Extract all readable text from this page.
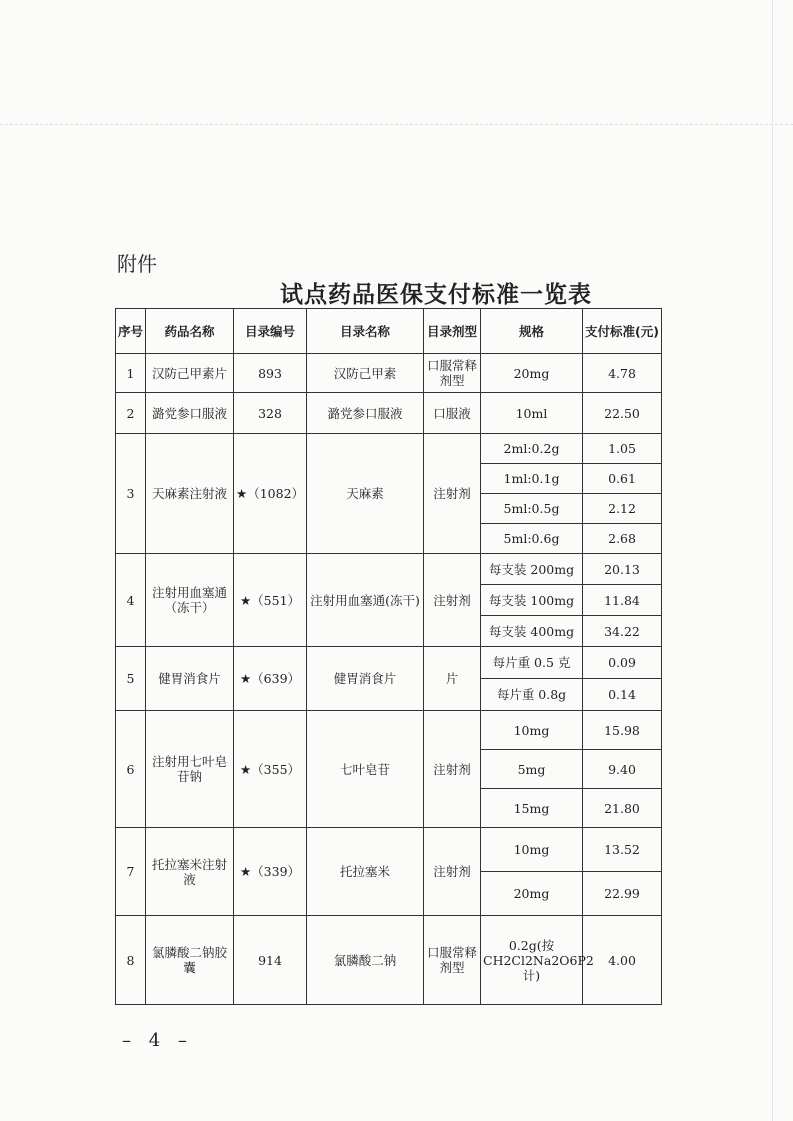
附件
试点药品医保支付标准一览表
序号	药品名称	目录编号	目录名称	目录剂型	规格	支付标准(元)
1	汉防己甲素片	893	汉防己甲素	口服常释剂型	20mg	4.78
2	潞党参口服液	328	潞党参口服液	口服液	10ml	22.50
3	天麻素注射液	★（1082）	天麻素	注射剂	2ml:0.2g	1.05
					1ml:0.1g	0.61
					5ml:0.5g	2.12
					5ml:0.6g	2.68
4	注射用血塞通（冻干）	★（551）	注射用血塞通(冻干)	注射剂	每支装 200mg	20.13
					每支装 100mg	11.84
					每支装 400mg	34.22
5	健胃消食片	★（639）	健胃消食片	片	每片重 0.5 克	0.09
					每片重 0.8g	0.14
6	注射用七叶皂苷钠	★（355）	七叶皂苷	注射剂	10mg	15.98
					5mg	9.40
					15mg	21.80
7	托拉塞米注射液	★（339）	托拉塞米	注射剂	10mg	13.52
					20mg	22.99
8	氯膦酸二钠胶囊	914	氯膦酸二钠	口服常释剂型	0.2g(按 CH2Cl2Na2O6P2 计)	4.00
– 4 –
